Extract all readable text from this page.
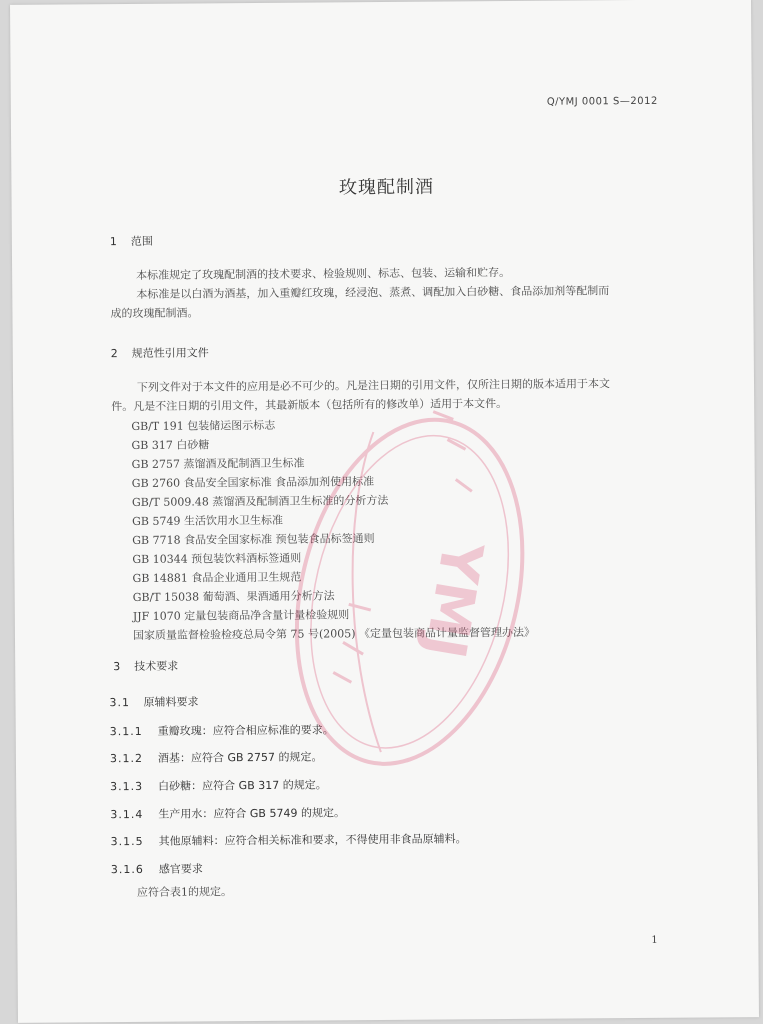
Q/YMJ 0001 S—2012
玫瑰配制酒
1 范围
本标准规定了玫瑰配制酒的技术要求、检验规则、标志、包装、运输和贮存。
本标准是以白酒为酒基，加入重瓣红玫瑰，经浸泡、蒸煮、调配加入白砂糖、食品添加剂等配制而
成的玫瑰配制酒。
2 规范性引用文件
下列文件对于本文件的应用是必不可少的。凡是注日期的引用文件，仅所注日期的版本适用于本文
件。凡是不注日期的引用文件，其最新版本（包括所有的修改单）适用于本文件。
GB/T 191 包装储运图示标志
GB 317 白砂糖
GB 2757 蒸馏酒及配制酒卫生标准
GB 2760 食品安全国家标准 食品添加剂使用标准
GB/T 5009.48 蒸馏酒及配制酒卫生标准的分析方法
GB 5749 生活饮用水卫生标准
GB 7718 食品安全国家标准 预包装食品标签通则
GB 10344 预包装饮料酒标签通则
GB 14881 食品企业通用卫生规范
GB/T 15038 葡萄酒、果酒通用分析方法
JJF 1070 定量包装商品净含量计量检验规则
国家质量监督检验检疫总局令第 75 号(2005) 《定量包装商品计量监督管理办法》
3 技术要求
3.1 原辅料要求
3.1.1 重瓣玫瑰：应符合相应标准的要求。
3.1.2 酒基：应符合 GB 2757 的规定。
3.1.3 白砂糖：应符合 GB 317 的规定。
3.1.4 生产用水：应符合 GB 5749 的规定。
3.1.5 其他原辅料：应符合相关标准和要求，不得使用非食品原辅料。
3.1.6 感官要求
应符合表1的规定。
1
YMJ
